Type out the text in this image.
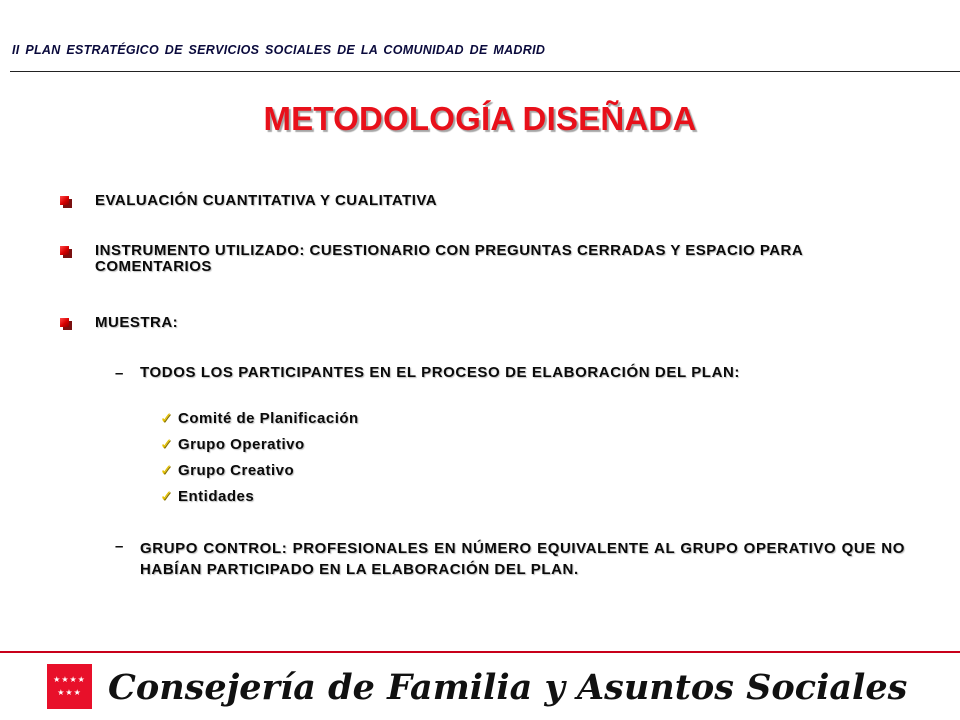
II PLAN ESTRATÉGICO DE SERVICIOS SOCIALES DE LA COMUNIDAD DE MADRID
METODOLOGÍA DISEÑADA
EVALUACIÓN CUANTITATIVA Y CUALITATIVA
INSTRUMENTO UTILIZADO: CUESTIONARIO CON PREGUNTAS CERRADAS Y ESPACIO PARA COMENTARIOS
MUESTRA:
– TODOS LOS PARTICIPANTES EN EL PROCESO DE ELABORACIÓN DEL PLAN:
✓ Comité de Planificación
✓ Grupo Operativo
✓ Grupo Creativo
✓ Entidades
– GRUPO CONTROL: PROFESIONALES EN NÚMERO EQUIVALENTE AL GRUPO OPERATIVO QUE NO HABÍAN PARTICIPADO EN LA ELABORACIÓN DEL PLAN.
★★★★
★★★ Consejería de Familia y Asuntos Sociales
